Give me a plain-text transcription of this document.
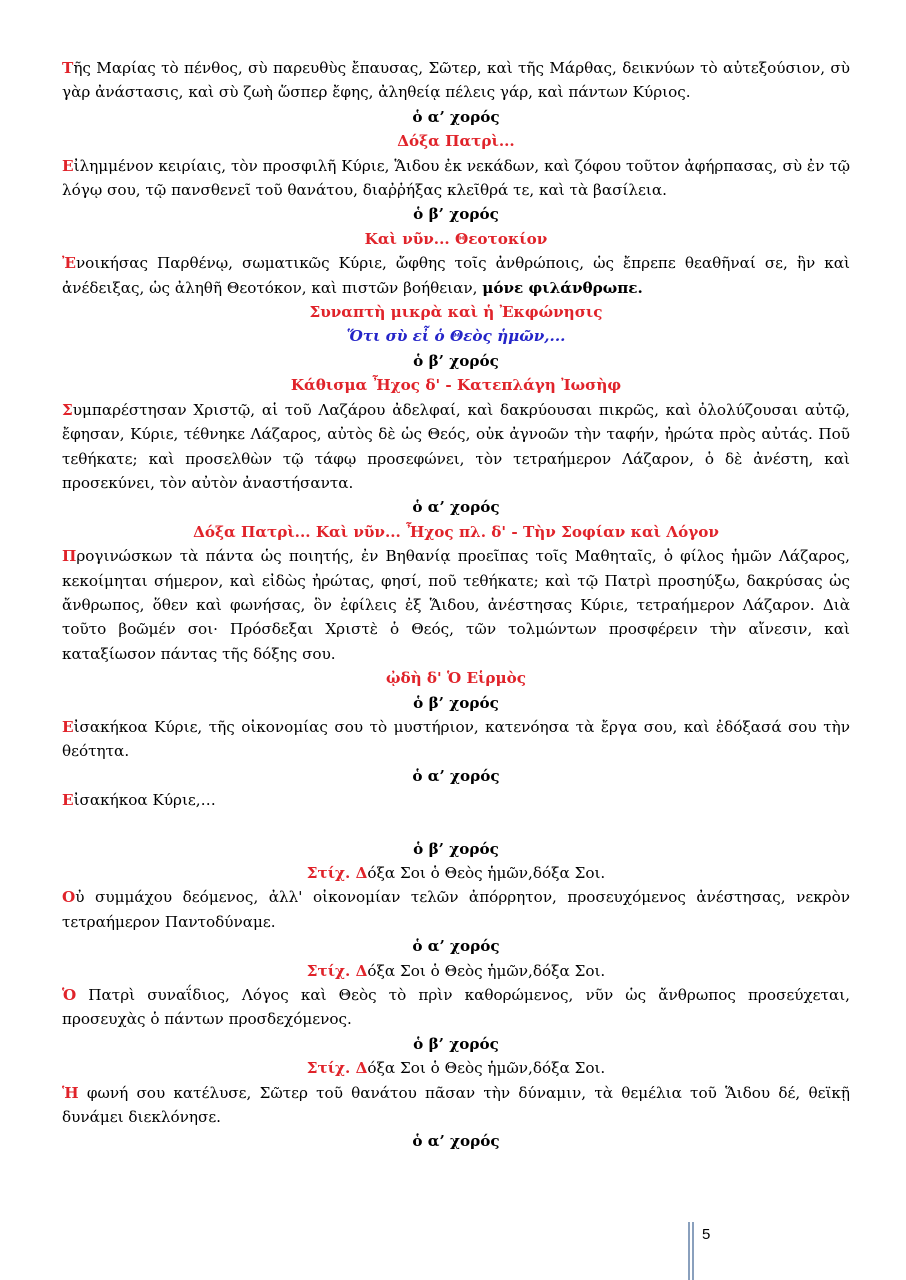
Τῆς Μαρίας τὸ πένθος, σὺ παρευθὺς ἔπαυσας, Σῶτερ, καὶ τῆς Μάρθας, δεικνύων τὸ αὐτεξούσιον, σὺ γὰρ ἀνάστασις, καὶ σὺ ζωὴ ὥσπερ ἔφης, ἀληθείᾳ πέλεις γάρ, καὶ πάντων Κύριος.

ὁ α’ χορός

Δόξα Πατρὶ...

Εἰλημμένον κειρίαις, τὸν προσφιλῆ Κύριε, Ἅιδου ἐκ νεκάδων, καὶ ζόφου τοῦτον ἀφήρπασας, σὺ ἐν τῷ λόγῳ σου, τῷ πανσθενεῖ τοῦ θανάτου, διαῤῥήξας κλεῖθρά τε, καὶ τὰ βασίλεια.

ὁ β’ χορός

Καὶ νῦν... Θεοτοκίον

Ἐνοικήσας Παρθένῳ, σωματικῶς Κύριε, ὤφθης τοῖς ἀνθρώποις, ὡς ἔπρεπε θεαθῆναί σε, ἣν καὶ ἀνέδειξας, ὡς ἀληθῆ Θεοτόκον, καὶ πιστῶν βοήθειαν, μόνε φιλάνθρωπε.

Συναπτὴ μικρὰ καὶ ἡ Ἐκφώνησις

Ὅτι σὺ εἶ ὁ Θεὸς ἡμῶν,...

ὁ β’ χορός

Κάθισμα Ἦχος δ' - Κατεπλάγη Ἰωσὴφ

Συμπαρέστησαν Χριστῷ, αἱ τοῦ Λαζάρου ἀδελφαί, καὶ δακρύουσαι πικρῶς, καὶ ὀλολύζουσαι αὐτῷ, ἔφησαν, Κύριε, τέθνηκε Λάζαρος, αὐτὸς δὲ ὡς Θεός, οὐκ ἀγνοῶν τὴν ταφήν, ἠρώτα πρὸς αὐτάς. Ποῦ τεθήκατε; καὶ προσελθὼν τῷ τάφῳ προσεφώνει, τὸν τετραήμερον Λάζαρον, ὁ δὲ ἀνέστη, καὶ προσεκύνει, τὸν αὐτὸν ἀναστήσαντα.

ὁ α’ χορός

Δόξα Πατρὶ... Καὶ νῦν... Ἦχος πλ. δ' - Τὴν Σοφίαν καὶ Λόγον

Προγινώσκων τὰ πάντα ὡς ποιητής, ἐν Βηθανίᾳ προεῖπας τοῖς Μαθηταῖς, ὁ φίλος ἡμῶν Λάζαρος, κεκοίμηται σήμερον, καὶ εἰδὼς ἠρώτας, φησί, ποῦ τεθήκατε; καὶ τῷ Πατρὶ προσηύξω, δακρύσας ὡς ἄνθρωπος, ὅθεν καὶ φωνήσας, ὃν ἐφίλεις ἐξ Ἅιδου, ἀνέστησας Κύριε, τετραήμερον Λάζαρον. Διὰ τοῦτο βοῶμέν σοι· Πρόσδεξαι Χριστὲ ὁ Θεός, τῶν τολμώντων προσφέρειν τὴν αἴνεσιν, καὶ καταξίωσον πάντας τῆς δόξης σου.

ᾠδὴ δ' Ὁ Εἱρμὸς

ὁ β’ χορός

Εἰσακήκοα Κύριε, τῆς οἰκονομίας σου τὸ μυστήριον, κατενόησα τὰ ἔργα σου, καὶ ἐδόξασά σου τὴν θεότητα.

ὁ α’ χορός

Εἰσακήκοα Κύριε,…

ὁ β’ χορός

Στίχ. Δόξα Σοι ὁ Θεὸς ἡμῶν,δόξα Σοι.

Οὐ συμμάχου δεόμενος, ἀλλ' οἰκονομίαν τελῶν ἀπόρρητον, προσευχόμενος ἀνέστησας, νεκρὸν τετραήμερον Παντοδύναμε.

ὁ α’ χορός

Στίχ. Δόξα Σοι ὁ Θεὸς ἡμῶν,δόξα Σοι.

Ὁ Πατρὶ συναΐδιος, Λόγος καὶ Θεὸς τὸ πρὶν καθορώμενος, νῦν ὡς ἄνθρωπος προσεύχεται, προσευχὰς ὁ πάντων προσδεχόμενος.

ὁ β’ χορός

Στίχ. Δόξα Σοι ὁ Θεὸς ἡμῶν,δόξα Σοι.

Ἡ φωνή σου κατέλυσε, Σῶτερ τοῦ θανάτου πᾶσαν τὴν δύναμιν, τὰ θεμέλια τοῦ Ἅιδου δέ, θεϊκῇ δυνάμει διεκλόνησε.

ὁ α’ χορός

5
